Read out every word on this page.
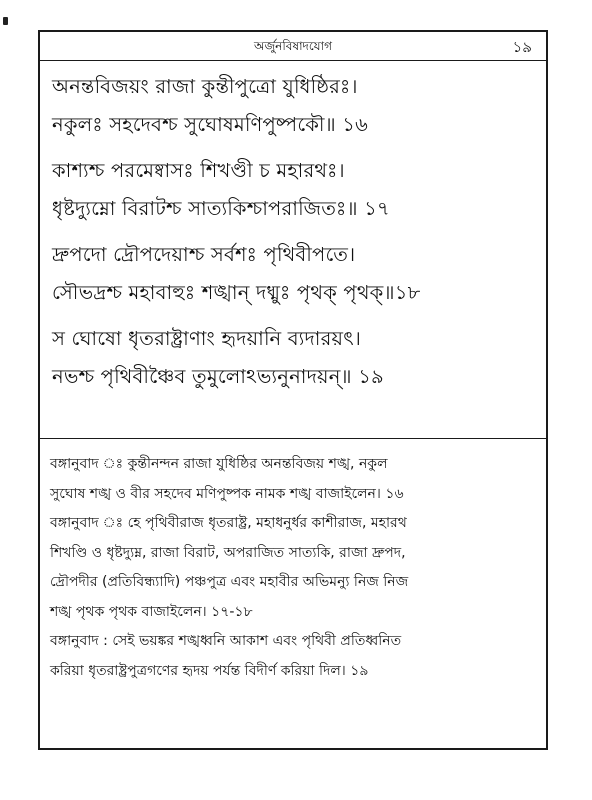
অর্জুনবিষাদযোগ	১৯
অনন্তবিজয়ং রাজা কুন্তীপুত্রো যুধিষ্ঠিরঃ।
নকুলঃ সহদেবশ্চ সুঘোষমণিপুষ্পকৌ॥ ১৬
কাশ্যশ্চ পরমেষ্বাসঃ শিখণ্ডী চ মহারথঃ।
ধৃষ্টদ্যুম্নো বিরাটশ্চ সাত্যকিশ্চাপরাজিতঃ॥ ১৭
দ্রুপদো দ্রৌপদেয়াশ্চ সর্বশঃ পৃথিবীপতে।
সৌভদ্রশ্চ মহাবাহুঃ শঙ্খান্ দধ্মুঃ পৃথক্ পৃথক্॥১৮
স ঘোষো ধৃতরাষ্ট্রাণাং হৃদয়ানি ব্যদারয়ৎ।
নভশ্চ পৃথিবীঞ্চৈব তুমুলোঽভ্যনুনাদয়ন্॥ ১৯
বঙ্গানুবাদ ঃ কুন্তীনন্দন রাজা যুধিষ্ঠির অনন্তবিজয় শঙ্খ, নকুল
সুঘোষ শঙ্খ ও বীর সহদেব মণিপুষ্পক নামক শঙ্খ বাজাইলেন। ১৬
বঙ্গানুবাদ ঃ হে পৃথিবীরাজ ধৃতরাষ্ট্র, মহাধনুর্ধর কাশীরাজ, মহারথ
শিখণ্ডি ও ধৃষ্টদ্যুম্ন, রাজা বিরাট, অপরাজিত সাত্যকি, রাজা দ্রুপদ,
দ্রৌপদীর (প্রতিবিন্ধ্যাদি) পঞ্চপুত্র এবং মহাবীর অভিমন্যু নিজ নিজ
শঙ্খ পৃথক পৃথক বাজাইলেন। ১৭-১৮
বঙ্গানুবাদ : সেই ভয়ঙ্কর শঙ্খধ্বনি আকাশ এবং পৃথিবী প্রতিধ্বনিত
করিয়া ধৃতরাষ্ট্রপুত্রগণের হৃদয় পর্যন্ত বিদীর্ণ করিয়া দিল। ১৯
